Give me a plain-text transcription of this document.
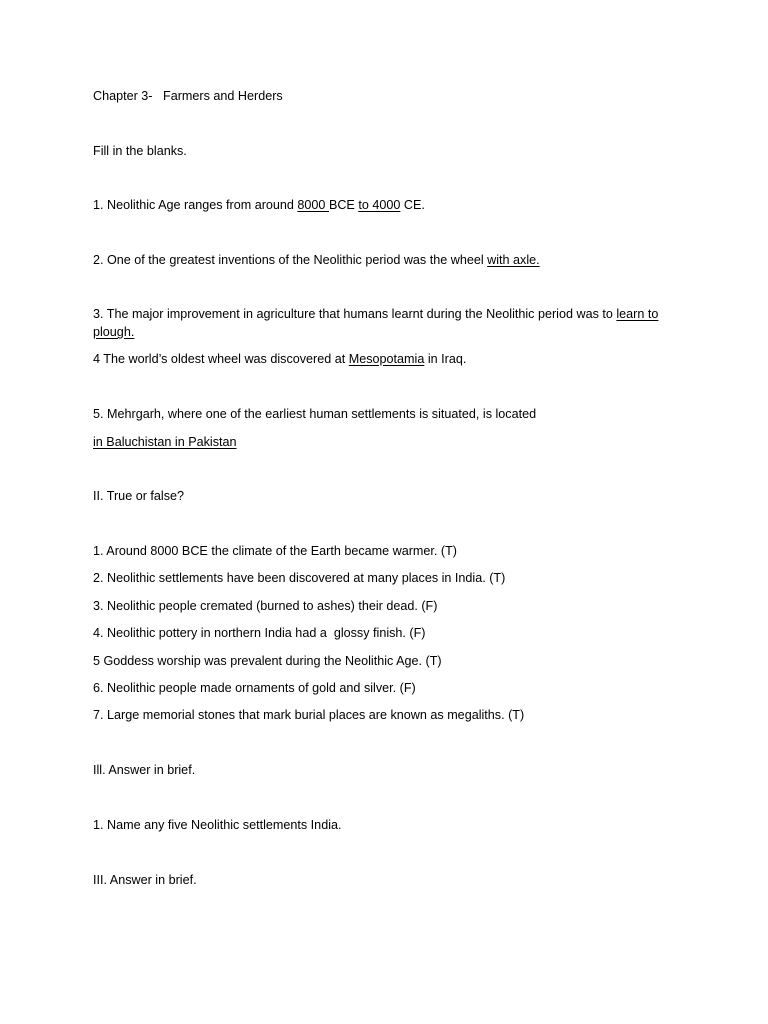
Chapter 3- Farmers and Herders
Fill in the blanks.
1. Neolithic Age ranges from around 8000 BCE to 4000 CE.
2. One of the greatest inventions of the Neolithic period was the wheel with axle.
3. The major improvement in agriculture that humans learnt during the Neolithic period was to learn to plough.
4 The world’s oldest wheel was discovered at Mesopotamia in Iraq.
5. Mehrgarh, where one of the earliest human settlements is situated, is located
in Baluchistan in Pakistan
II. True or false?
1. Around 8000 BCE the climate of the Earth became warmer. (T)
2. Neolithic settlements have been discovered at many places in India. (T)
3. Neolithic people cremated (burned to ashes) their dead. (F)
4. Neolithic pottery in northern India had a  glossy finish. (F)
5 Goddess worship was prevalent during the Neolithic Age. (T)
6. Neolithic people made ornaments of gold and silver. (F)
7. Large memorial stones that mark burial places are known as megaliths. (T)
Ill. Answer in brief.
1. Name any five Neolithic settlements India.
III. Answer in brief.
